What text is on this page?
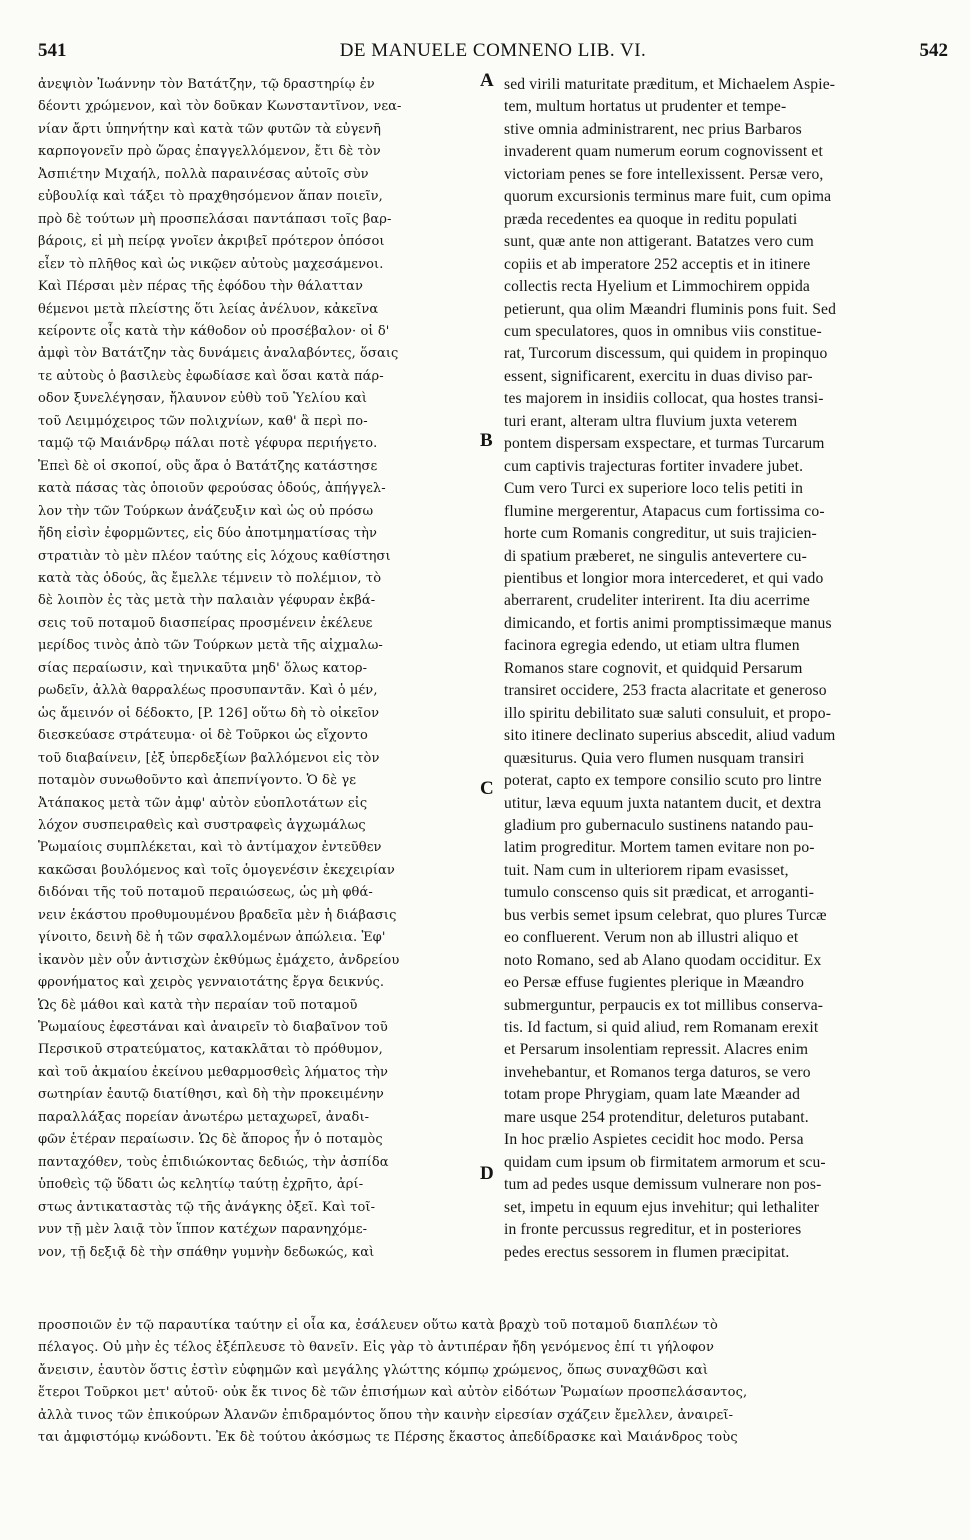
541	DE MANUELE COMNENO LIB. VI.	542
ἀνεψιὸν Ἰωάννην τὸν Βατάτζην, τῷ δραστηρίῳ ἐν
δέοντι χρώμενον, καὶ τὸν δοῦκαν Κωνσταντῖνον, νεα-
νίαν ἄρτι ὑπηνήτην καὶ κατὰ τῶν φυτῶν τὰ εὐγενῆ
καρπογονεῖν πρὸ ὥρας ἐπαγγελλόμενον, ἔτι δὲ τὸν
Ἀσπιέτην Μιχαήλ, πολλὰ παραινέσας αὐτοῖς σὺν
εὐβουλίᾳ καὶ τάξει τὸ πραχθησόμενον ἅπαν ποιεῖν,
πρὸ δὲ τούτων μὴ προσπελάσαι παντάπασι τοῖς βαρ-
βάροις, εἰ μὴ πείρᾳ γνοῖεν ἀκριβεῖ πρότερον ὁπόσοι
εἶεν τὸ πλῆθος καὶ ὡς νικῷεν αὐτοὺς μαχεσάμενοι.
Καὶ Πέρσαι μὲν πέρας τῆς ἐφόδου τὴν θάλατταν
θέμενοι μετὰ πλείστης ὅτι λείας ἀνέλυον, κἀκεῖνα
κείροντε οἷς κατὰ τὴν κάθοδον οὐ προσέβαλον· οἱ δ'
ἀμφὶ τὸν Βατάτζην τὰς δυνάμεις ἀναλαβόντες, ὅσαις
τε αὐτοὺς ὁ βασιλεὺς ἐφωδίασε καὶ ὅσαι κατὰ πάρ-
οδον ξυνελέγησαν, ἤλαυνον εὐθὺ τοῦ Ὑελίου καὶ
τοῦ Λειμμόχειρος τῶν πολιχνίων, καθ' ἃ περὶ πο-
ταμῷ τῷ Μαιάνδρῳ πάλαι ποτὲ γέφυρα περιήγετο.
Ἐπεὶ δὲ οἱ σκοποί, οὓς ἄρα ὁ Βατάτζης κατάστησε
κατὰ πάσας τὰς ὁποιοῦν φερούσας ὁδούς, ἀπήγγελ-
λον τὴν τῶν Τούρκων ἀνάζευξιν καὶ ὡς οὐ πρόσω
ἤδη εἰσὶν ἐφορμῶντες, εἰς δύο ἀποτμηματίσας τὴν
στρατιὰν τὸ μὲν πλέον ταύτης εἰς λόχους καθίστησι
κατὰ τὰς ὁδούς, ἃς ἔμελλε τέμνειν τὸ πολέμιον, τὸ
δὲ λοιπὸν ἐς τὰς μετὰ τὴν παλαιὰν γέφυραν ἐκβά-
σεις τοῦ ποταμοῦ διασπείρας προσμένειν ἐκέλευε
μερίδος τινὸς ἀπὸ τῶν Τούρκων μετὰ τῆς αἰχμαλω-
σίας περαίωσιν, καὶ τηνικαῦτα μηδ' ὅλως κατορ-
ρωδεῖν, ἀλλὰ θαρραλέως προσυπαντᾶν. Καὶ ὁ μέν,
ὡς ἄμεινόν οἱ δέδοκτο, [P. 126] οὕτω δὴ τὸ οἰκεῖον
διεσκεύασε στράτευμα· οἱ δὲ Τοῦρκοι ὡς εἴχοντο
τοῦ διαβαίνειν, [ἐξ ὑπερδεξίων βαλλόμενοι εἰς τὸν
ποταμὸν συνωθοῦντο καὶ ἀπεπνίγοντο. Ὁ δὲ γε
Ἀτάπακος μετὰ τῶν ἀμφ' αὐτὸν εὐοπλοτάτων εἰς
λόχον συσπειραθεὶς καὶ συστραφεὶς ἀγχωμάλως
Ῥωμαίοις συμπλέκεται, καὶ τὸ ἀντίμαχον ἐντεῦθεν
κακῶσαι βουλόμενος καὶ τοῖς ὁμογενέσιν ἐκεχειρίαν
διδόναι τῆς τοῦ ποταμοῦ περαιώσεως, ὡς μὴ φθά-
νειν ἑκάστου προθυμουμένου βραδεῖα μὲν ἡ διάβασις
γίνοιτο, δεινὴ δὲ ἡ τῶν σφαλλομένων ἀπώλεια. Ἐφ'
ἱκανὸν μὲν οὖν ἀντισχὼν ἐκθύμως ἐμάχετο, ἀνδρείου
φρονήματος καὶ χειρὸς γενναιοτάτης ἔργα δεικνύς.
Ὡς δὲ μάθοι καὶ κατὰ τὴν περαίαν τοῦ ποταμοῦ
Ῥωμαίους ἐφεστάναι καὶ ἀναιρεῖν τὸ διαβαῖνον τοῦ
Περσικοῦ στρατεύματος, κατακλᾶται τὸ πρόθυμον,
καὶ τοῦ ἀκμαίου ἐκείνου μεθαρμοσθεὶς λήματος τὴν
σωτηρίαν ἑαυτῷ διατίθησι, καὶ δὴ τὴν προκειμένην
παραλλάξας πορείαν ἀνωτέρω μεταχωρεῖ, ἀναδι-
φῶν ἑτέραν περαίωσιν. Ὡς δὲ ἄπορος ἦν ὁ ποταμὸς
πανταχόθεν, τοὺς ἐπιδιώκοντας δεδιώς, τὴν ἀσπίδα
ὑποθεὶς τῷ ὕδατι ὡς κελητίῳ ταύτῃ ἐχρῆτο, ἀρί-
στως ἀντικαταστὰς τῷ τῆς ἀνάγκης ὀξεῖ. Καὶ τοῖ-
νυν τῇ μὲν λαιᾷ τὸν ἵππον κατέχων παρανηχόμε-
νον, τῇ δεξιᾷ δὲ τὴν σπάθην γυμνὴν δεδωκώς, καὶ
sed virili maturitate præditum, et Michaelem Aspie-
tem, multum hortatus ut prudenter et tempe-
stive omnia administrarent, nec prius Barbaros
invaderent quam numerum eorum cognovissent et
victoriam penes se fore intellexissent. Persæ vero,
quorum excursionis terminus mare fuit, cum opima
præda recedentes ea quoque in reditu populati
sunt, quæ ante non attigerant. Batatzes vero cum
copiis et ab imperatore 252 acceptis et in itinere
collectis recta Hyelium et Limmochirem oppida
petierunt, qua olim Mæandri fluminis pons fuit. Sed
cum speculatores, quos in omnibus viis constitue-
rat, Turcorum discessum, qui quidem in propinquo
essent, significarent, exercitu in duas diviso par-
tes majorem in insidiis collocat, qua hostes transi-
turi erant, alteram ultra fluvium juxta veterem
pontem dispersam exspectare, et turmas Turcarum
cum captivis trajecturas fortiter invadere jubet.
Cum vero Turci ex superiore loco telis petiti in
flumine mergerentur, Atapacus cum fortissima co-
horte cum Romanis congreditur, ut suis trajicien-
di spatium præberet, ne singulis antevertere cu-
pientibus et longior mora intercederet, et qui vado
aberrarent, crudeliter interirent. Ita diu acerrime
dimicando, et fortis animi promptissimæque manus
facinora egregia edendo, ut etiam ultra flumen
Romanos stare cognovit, et quidquid Persarum
transiret occidere, 253 fracta alacritate et generoso
illo spiritu debilitato suæ saluti consuluit, et propo-
sito itinere declinato superius abscedit, aliud vadum
quæsiturus. Quia vero flumen nusquam transiri
poterat, capto ex tempore consilio scuto pro lintre
utitur, læva equum juxta natantem ducit, et dextra
gladium pro gubernaculo sustinens natando pau-
latim progreditur. Mortem tamen evitare non po-
tuit. Nam cum in ulteriorem ripam evasisset,
tumulo conscenso quis sit prædicat, et arroganti-
bus verbis semet ipsum celebrat, quo plures Turcæ
eo confluerent. Verum non ab illustri aliquo et
noto Romano, sed ab Alano quodam occiditur. Ex
eo Persæ effuse fugientes plerique in Mæandro
submerguntur, perpaucis ex tot millibus conserva-
tis. Id factum, si quid aliud, rem Romanam erexit
et Persarum insolentiam repressit. Alacres enim
invehebantur, et Romanos terga daturos, se vero
totam prope Phrygiam, quam late Mæander ad
mare usque 254 protenditur, deleturos putabant.
In hoc prælio Aspietes cecidit hoc modo. Persa
quidam cum ipsum ob firmitatem armorum et scu-
tum ad pedes usque demissum vulnerare non pos-
set, impetu in equum ejus invehitur; qui lethaliter
in fronte percussus regreditur, et in posteriores
pedes erectus sessorem in flumen præcipitat.
A
B
C
D
προσποιῶν ἐν τῷ παραυτίκα ταύτην εἰ οἷα κα, ἐσάλευεν οὕτω κατὰ βραχὺ τοῦ ποταμοῦ διαπλέων τὸ
πέλαγος. Οὐ μὴν ἐς τέλος ἐξέπλευσε τὸ θανεῖν. Εἰς γὰρ τὸ ἀντιπέραν ἤδη γενόμενος ἐπί τι γήλοφον
ἄνεισιν, ἑαυτὸν ὅστις ἐστὶν εὐφημῶν καὶ μεγάλης γλώττης κόμπῳ χρώμενος, ὅπως συναχθῶσι καὶ
ἕτεροι Τοῦρκοι μετ' αὐτοῦ· οὐκ ἔκ τινος δὲ τῶν ἐπισήμων καὶ αὐτὸν εἰδότων Ῥωμαίων προσπελάσαντος,
ἀλλὰ τινος τῶν ἐπικούρων Ἀλανῶν ἐπιδραμόντος ὅπου τὴν καινὴν εἰρεσίαν σχάζειν ἔμελλεν, ἀναιρεῖ-
ται ἀμφιστόμῳ κνώδοντι. Ἐκ δὲ τούτου ἀκόσμως τε Πέρσης ἕκαστος ἀπεδίδρασκε καὶ Μαιάνδρος τοὺς
